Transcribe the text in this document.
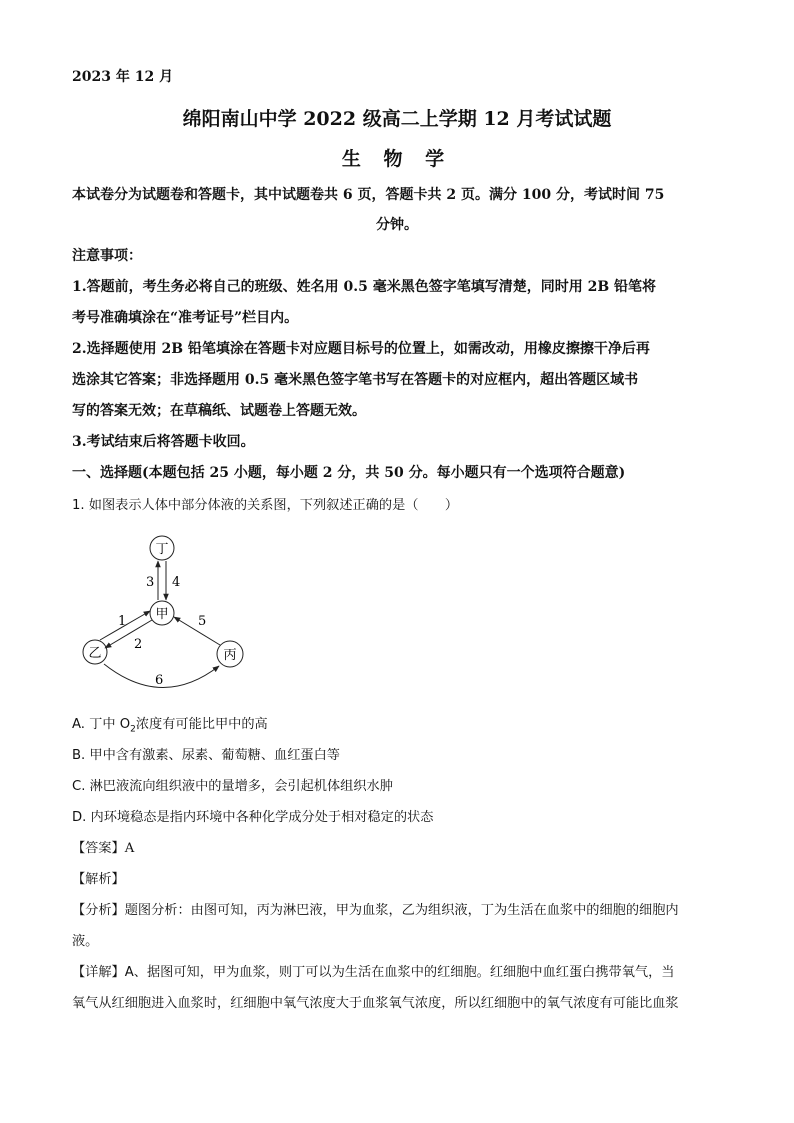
2023 年 12 月
绵阳南山中学 2022 级高二上学期 12 月考试试题
生 物 学
本试卷分为试题卷和答题卡，其中试题卷共 6 页，答题卡共 2 页。满分 100 分，考试时间 75
分钟。
注意事项：
1.答题前，考生务必将自己的班级、姓名用 0.5 毫米黑色签字笔填写清楚，同时用 2B 铅笔将
考号准确填涂在“准考证号”栏目内。
2.选择题使用 2B 铅笔填涂在答题卡对应题目标号的位置上，如需改动，用橡皮擦擦干净后再
选涂其它答案；非选择题用 0.5 毫米黑色签字笔书写在答题卡的对应框内，超出答题区域书
写的答案无效；在草稿纸、试题卷上答题无效。
3.考试结束后将答题卡收回。
一、选择题(本题包括 25 小题，每小题 2 分，共 50 分。每小题只有一个选项符合题意)
1. 如图表示人体中部分体液的关系图，下列叙述正确的是（　　）
丁
甲
乙	丙
3 4
1
2
5
6
A. 丁中 $O_2$浓度有可能比甲中的高
B. 甲中含有激素、尿素、葡萄糖、血红蛋白等
C. 淋巴液流向组织液中的量增多，会引起机体组织水肿
D. 内环境稳态是指内环境中各种化学成分处于相对稳定的状态
【答案】A
【解析】
【分析】题图分析：由图可知，丙为淋巴液，甲为血浆，乙为组织液，丁为生活在血浆中的细胞的细胞内
液。
【详解】A、据图可知，甲为血浆，则丁可以为生活在血浆中的红细胞。红细胞中血红蛋白携带氧气，当
氧气从红细胞进入血浆时，红细胞中氧气浓度大于血浆氧气浓度，所以红细胞中的氧气浓度有可能比血浆
